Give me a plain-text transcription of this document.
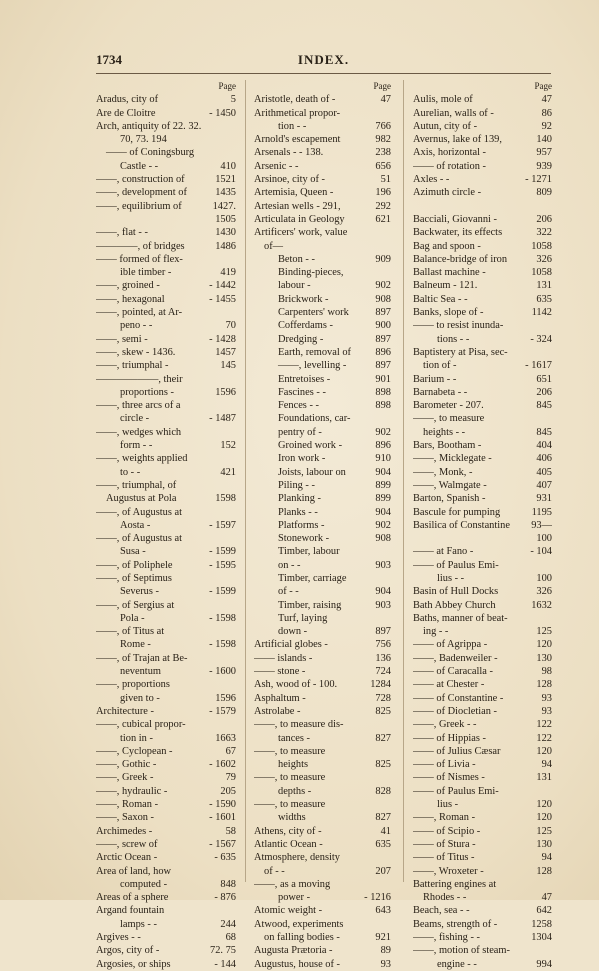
1734	INDEX.
Page
Aradus, city of	5
Are de Cloitre	- 1450
Arch, antiquity of 22. 32.
70, 73. 194
—— of Coningsburg
Castle - -	410
——, construction of	1521
——, development of	1435
——, equilibrium of	1427.
1505
——, flat - -	1430
————, of bridges	1486
—— formed of flex-
ible timber -	419
——, groined -	- 1442
——, hexagonal	- 1455
——, pointed, at Ar-
peno - -	70
——, semi -	- 1428
——, skew - 1436.	1457
——, triumphal -	145
——————, their
proportions -	1596
——, three arcs of a
circle -	- 1487
——, wedges which
form - -	152
——, weights applied
to - -	421
——, triumphal, of
Augustus at Pola	1598
——, of Augustus at
Aosta -	- 1597
——, of Augustus at
Susa -	- 1599
——, of Poliphele	- 1595
——, of Septimus
Severus -	- 1599
——, of Sergius at
Pola -	- 1598
——, of Titus at
Rome -	- 1598
——, of Trajan at Be-
neventum	- 1600
——, proportions
given to -	1596
Architecture -	- 1579
——, cubical propor-
tion in -	1663
——, Cyclopean -	67
——, Gothic -	- 1602
——, Greek -	79
——, hydraulic -	205
——, Roman -	- 1590
——, Saxon -	- 1601
Archimedes -	58
——, screw of	- 1567
Arctic Ocean -	- 635
Area of land, how
computed -	848
Areas of a sphere	- 876
Argand fountain
lamps - -	244
Argives - -	68
Argos, city of -	72. 75
Argosies, or ships	- 144
Page
Aristotle, death of -	47
Arithmetical propor-
tion - -	766
Arnold's escapement	982
Arsenals - - 138.	238
Arsenic - -	656
Arsinoe, city of -	51
Artemisia, Queen -	196
Artesian wells - 291,	292
Articulata in Geology	621
Artificers' work, value
of—
Beton - -	909
Binding-pieces,
labour -	902
Brickwork -	908
Carpenters' work	897
Cofferdams -	900
Dredging -	897
Earth, removal of 896
——, levelling -	897
Entretoises -	901
Fascines - -	898
Fences - -	898
Foundations, car-
pentry of -	902
Groined work -	896
Iron work -	910
Joists, labour on	904
Piling - -	899
Planking -	899
Planks - -	904
Platforms -	902
Stonework -	908
Timber, labour
on - -	903
Timber, carriage
of - -	904
Timber, raising	903
Turf, laying
down -	897
Artificial globes -	756
—— islands -	136
—— stone -	724
Ash, wood of - 100.	1284
Asphaltum -	728
Astrolabe -	825
——, to measure dis-
tances -	827
——, to measure
heights	825
——, to measure
depths -	828
——, to measure
widths	827
Athens, city of -	41
Atlantic Ocean -	635
Atmosphere, density
of - -	207
——, as a moving
power -	- 1216
Atomic weight -	643
Atwood, experiments
on falling bodies -	921
Augusta Prætoria -	89
Augustus, house of -	93
Page
Aulis, mole of	47
Aurelian, walls of -	86
Autun, city of -	92
Avernus, lake of 139,	140
Axis, horizontal -	957
—— of rotation -	939
Axles - -	- 1271
Azimuth circle -	809
Bacciali, Giovanni -	206
Backwater, its effects	322
Bag and spoon -	1058
Balance-bridge of iron	326
Ballast machine -	1058
Balneum - 121.	131
Baltic Sea - -	635
Banks, slope of -	1142
—— to resist inunda-
tions - -	- 324
Baptistery at Pisa, sec-
tion of -	- 1617
Barium - -	651
Barnabeta - -	206
Barometer - 207.	845
——, to measure
heights - -	845
Bars, Bootham -	404
——, Micklegate -	406
——, Monk, -	405
——, Walmgate -	407
Barton, Spanish -	931
Bascule for pumping	1195
Basilica of Constantine 93—
100
—— at Fano -	- 104
—— of Paulus Emi-
lius - -	100
Basin of Hull Docks	326
Bath Abbey Church	1632
Baths, manner of beat-
ing - -	125
—— of Agrippa -	120
——, Badenweiler -	130
—— of Caracalla -	98
—— at Chester -	128
—— of Constantine -	93
—— of Diocletian -	93
——, Greek - -	122
—— of Hippias -	122
—— of Julius Cæsar	120
—— of Livia -	94
—— of Nismes -	131
—— of Paulus Emi-
lius -	120
——, Roman -	120
—— of Scipio -	125
—— of Stura -	130
—— of Titus -	94
——, Wroxeter -	128
Battering engines at
Rhodes - -	47
Beach, sea - -	642
Beams, strength of -	1258
——, fishing - -	1304
——, motion of steam-
engine - -	994
